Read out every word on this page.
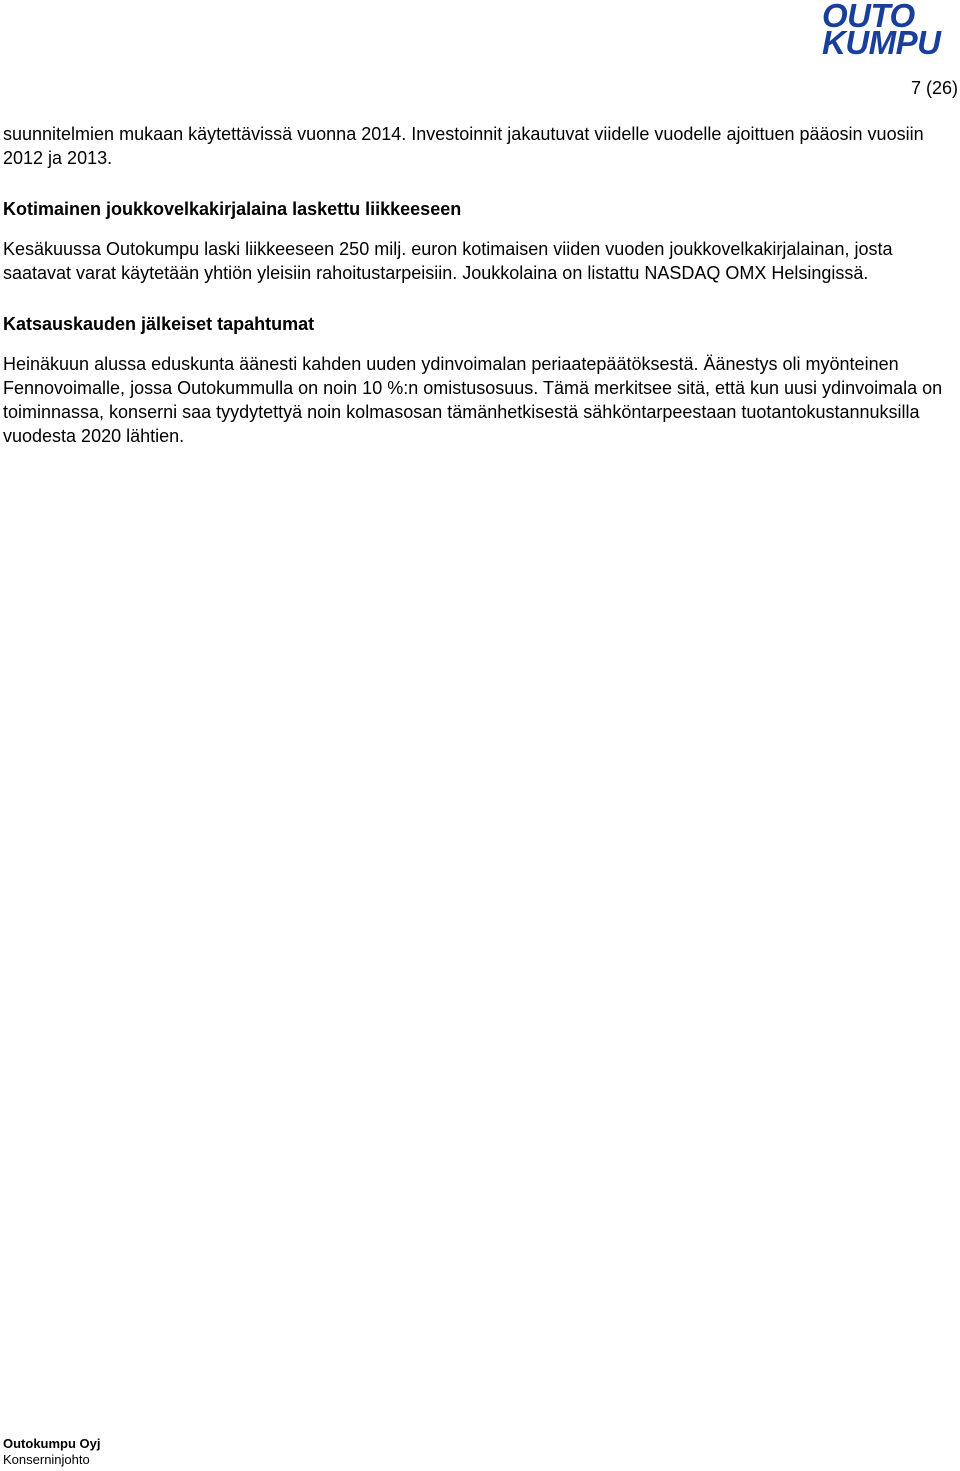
OUTO
KUMPU
7 (26)

suunnitelmien mukaan käytettävissä vuonna 2014. Investoinnit jakautuvat viidelle vuodelle ajoittuen pääosin vuosiin 2012 ja 2013.

Kotimainen joukkovelkakirjalaina laskettu liikkeeseen

Kesäkuussa Outokumpu laski liikkeeseen 250 milj. euron kotimaisen viiden vuoden joukkovelkakirjalainan, josta saatavat varat käytetään yhtiön yleisiin rahoitustarpeisiin. Joukkolaina on listattu NASDAQ OMX Helsingissä.

Katsauskauden jälkeiset tapahtumat

Heinäkuun alussa eduskunta äänesti kahden uuden ydinvoimalan periaatepäätöksestä. Äänestys oli myönteinen Fennovoimalle, jossa Outokummulla on noin 10 %:n omistusosuus. Tämä merkitsee sitä, että kun uusi ydinvoimala on toiminnassa, konserni saa tyydytettyä noin kolmasosan tämänhetkisestä sähköntarpeestaan tuotantokustannuksilla vuodesta 2020 lähtien.

Outokumpu Oyj
Konserninjohto
